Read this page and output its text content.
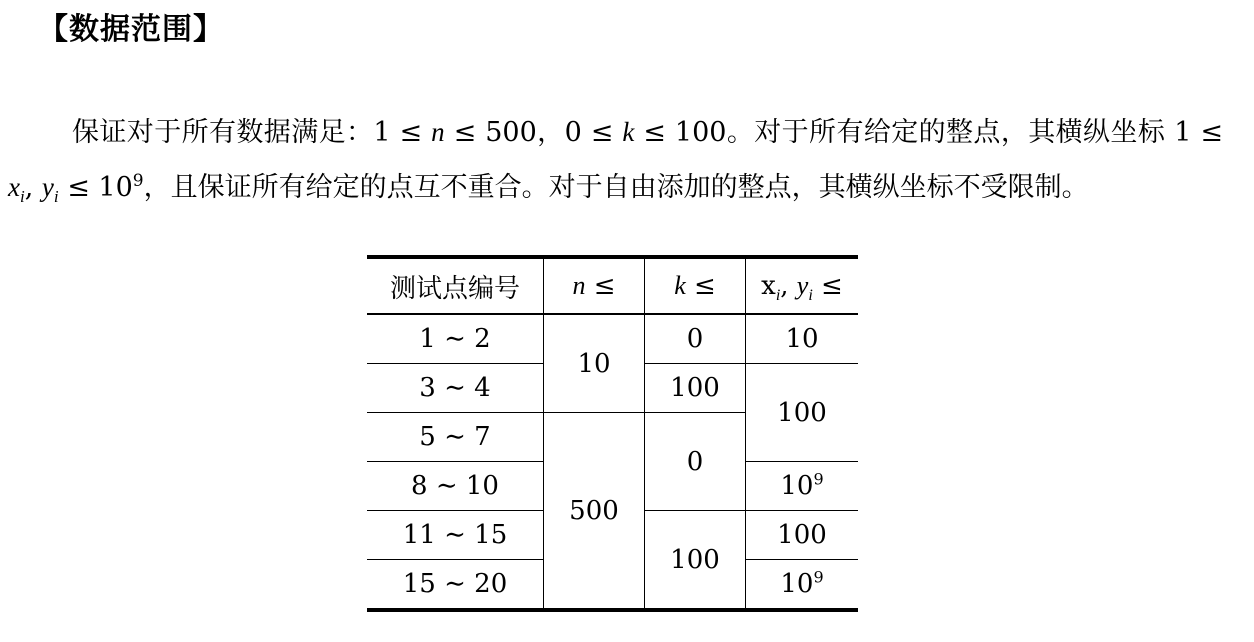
【数据范围】

保证对于所有数据满足：1 ≤ n ≤ 500，0 ≤ k ≤ 100。对于所有给定的整点，其横纵坐标 $1 \le x_i$, $y_i \le 10^9$，且保证所有给定的点互不重合。对于自由添加的整点，其横纵坐标不受限制。

测试点编号	n ≤	k ≤	$x_i$, $y_i$ ≤
1 ∼ 2	10	0	10
3 ∼ 4		100	100
5 ∼ 7	500	0	
8 ∼ 10			$10^9$
11 ∼ 15		100	100
15 ∼ 20			$10^9$
